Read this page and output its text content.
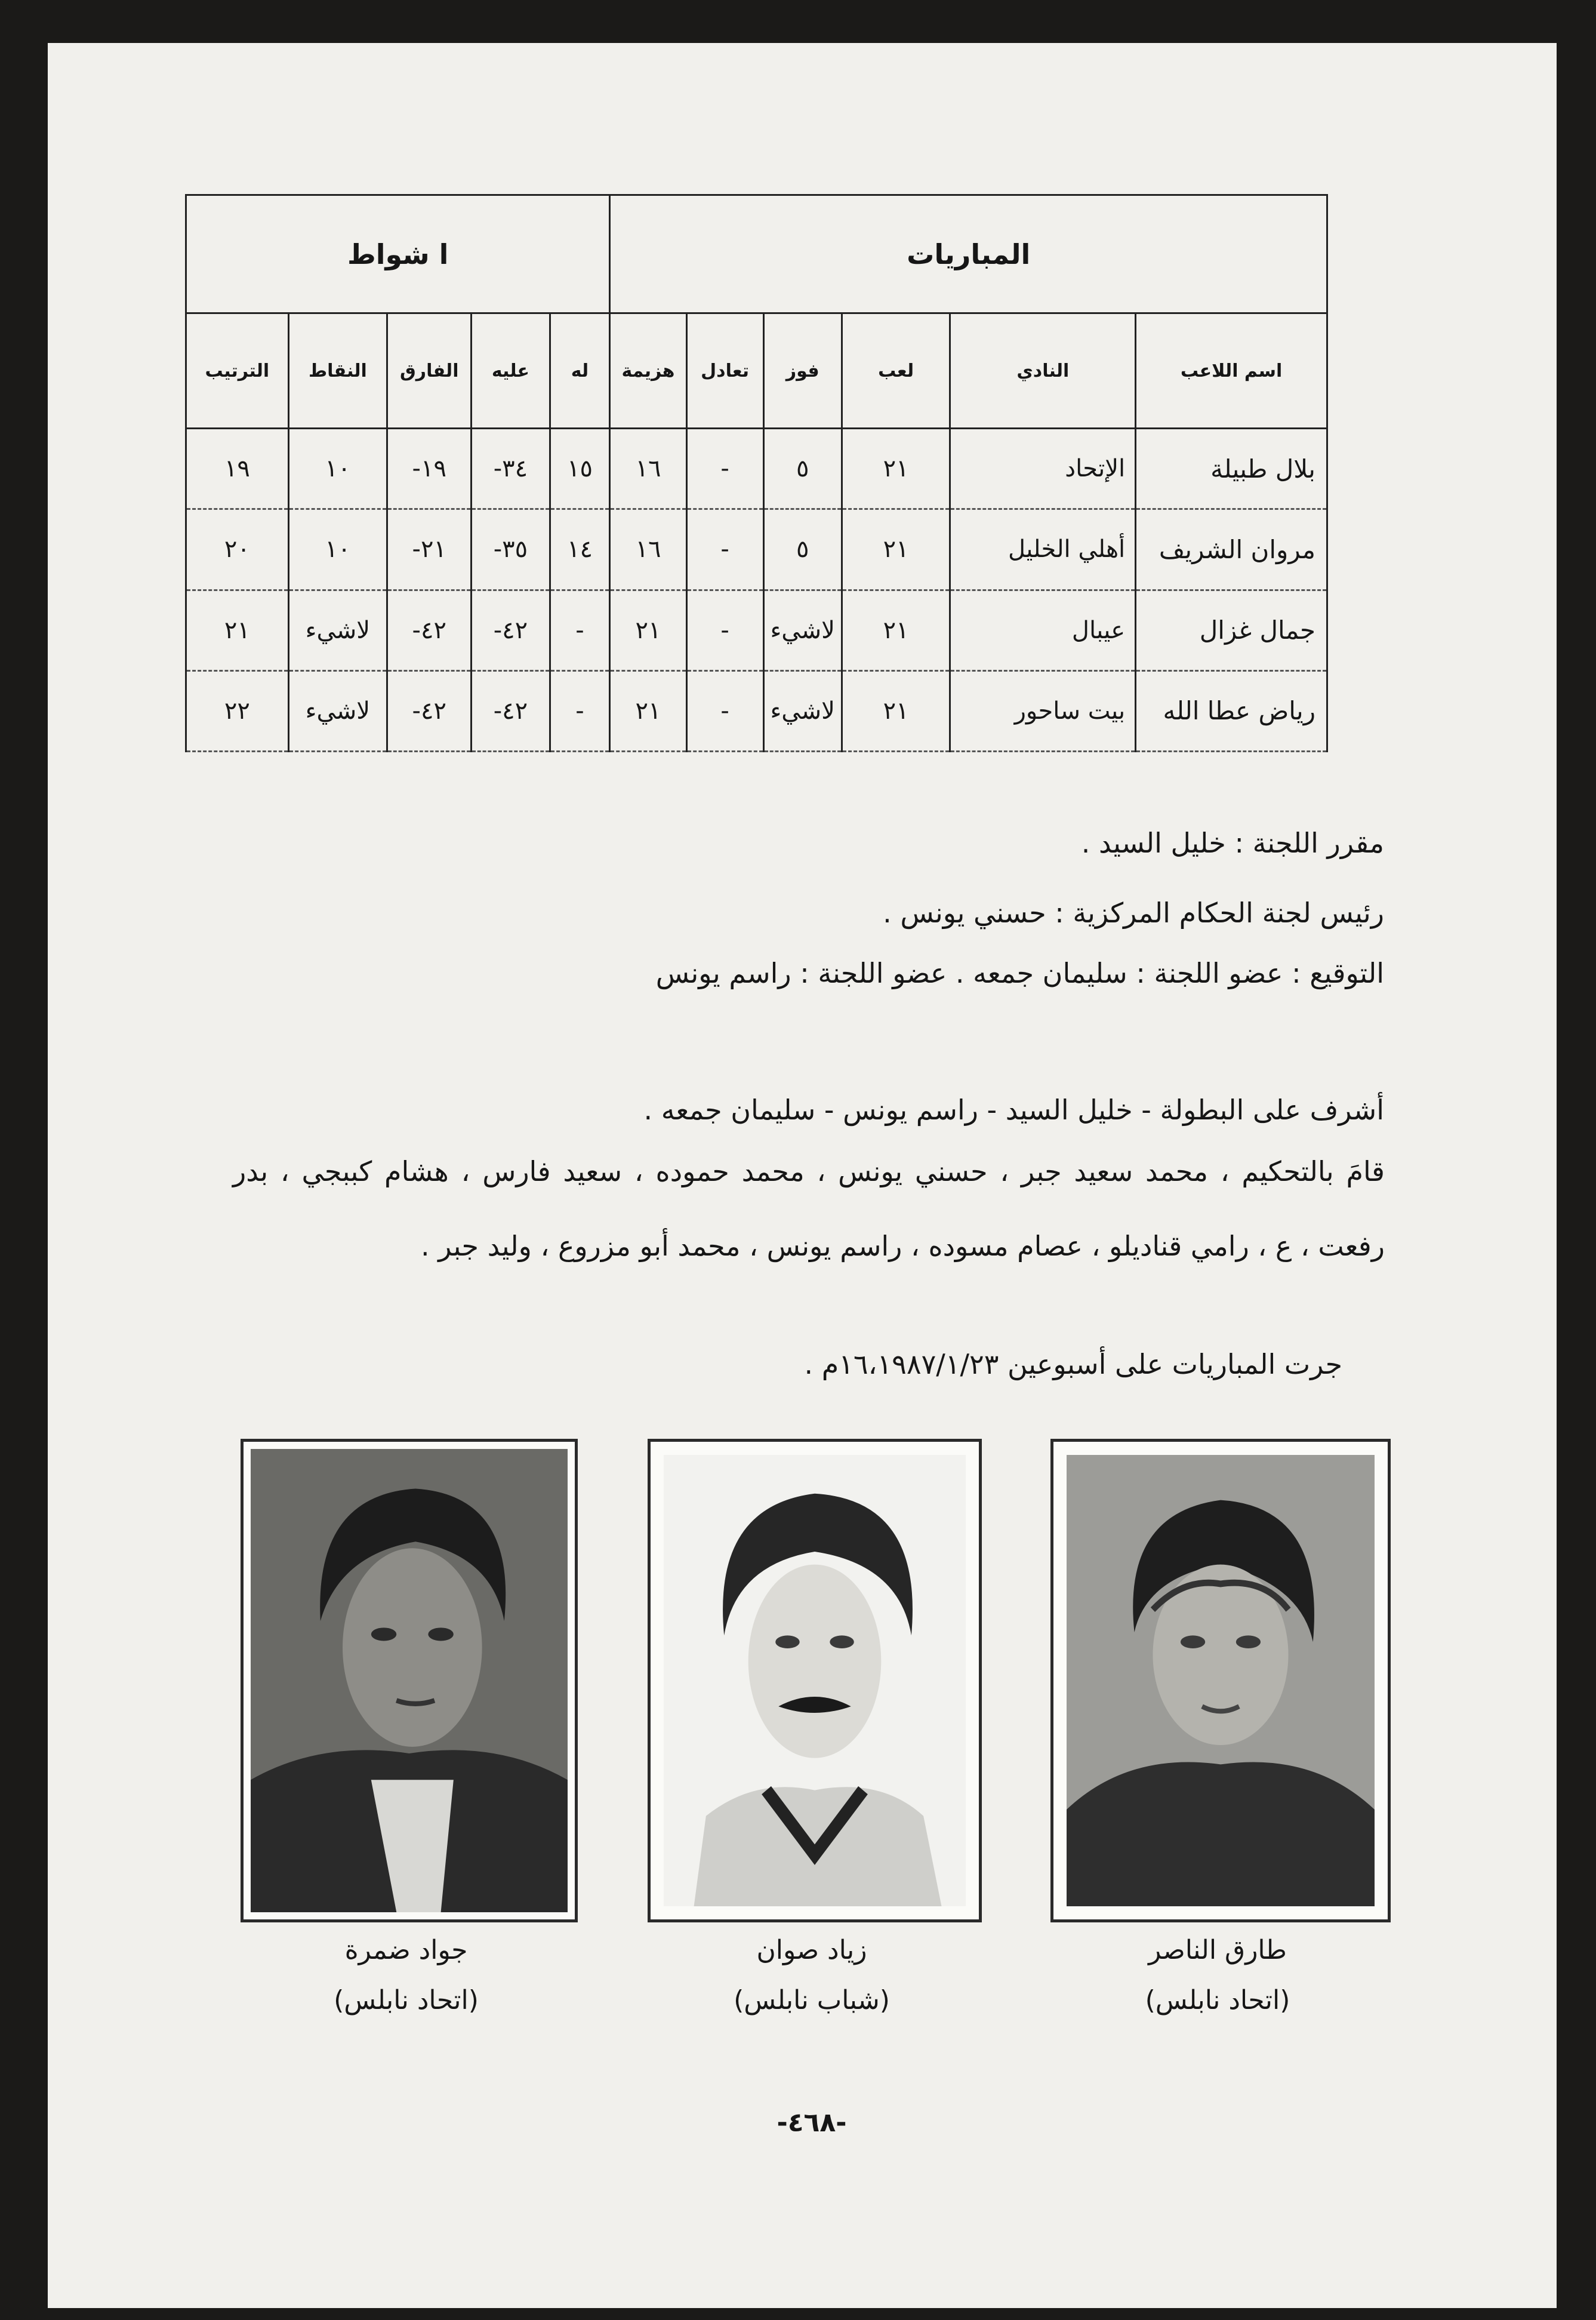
المباريات						ا شواط				
اسم اللاعب	النادي	لعب	فوز	تعادل	هزيمة	له	عليه	الفارق	النقاط	الترتيب
بلال طبيلة	الإتحاد	٢١	٥	-	١٦	١٥	٣٤-	١٩-	١٠	١٩
مروان الشريف	أهلي الخليل	٢١	٥	-	١٦	١٤	٣٥-	٢١-	١٠	٢٠
جمال غزال	عيبال	٢١	لاشيء	-	٢١	-	٤٢-	٤٢-	لاشيء	٢١
رياض عطا الله	بيت ساحور	٢١	لاشيء	-	٢١	-	٤٢-	٤٢-	لاشيء	٢٢
مقرر اللجنة : خليل السيد .
رئيس لجنة الحكام المركزية : حسني يونس .
التوقيع : عضو اللجنة : سليمان جمعه . عضو اللجنة : راسم يونس
أشرف على البطولة - خليل السيد - راسم يونس - سليمان جمعه .
قامَ بالتحكيم ، محمد سعيد جبر ، حسني يونس ، محمد حموده ، سعيد فارس ، هشام كببجي ، بدر رفعت ، ع ، رامي قناديلو ، عصام مسوده ، راسم يونس ، محمد أبو مزروع ، وليد جبر .
جرت المباريات على أسبوعين ١٦،١٩٨٧/١/٢٣م .
طارق الناصر
(اتحاد نابلس)
زياد صوان
(شباب نابلس)
جواد ضمرة
(اتحاد نابلس)
-٤٦٨-
